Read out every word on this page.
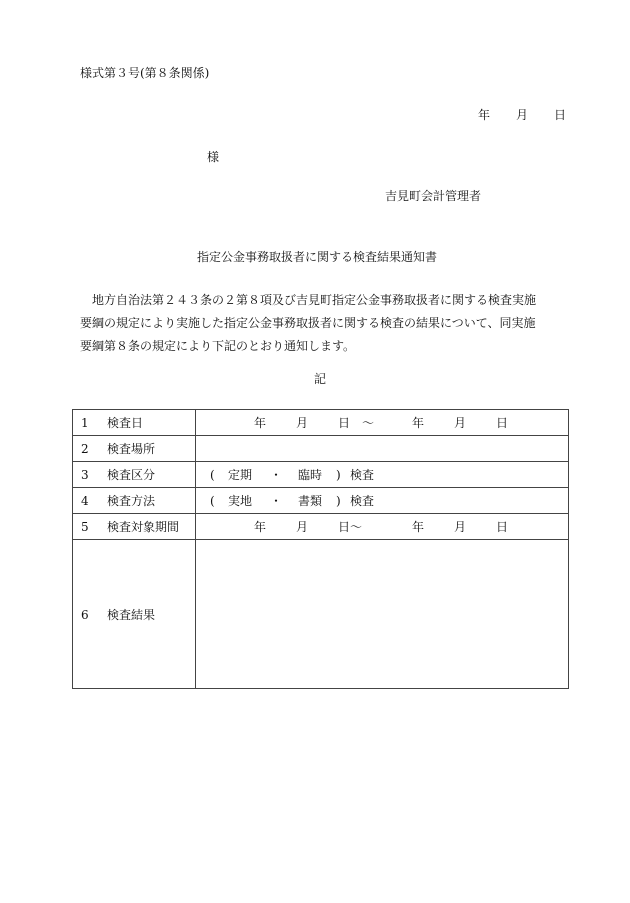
様式第３号(第８条関係)
年 月 日
様
吉見町会計管理者
指定公金事務取扱者に関する検査結果通知書

地方自治法第２４３条の２第８項及び吉見町指定公金事務取扱者に関する検査実施

要綱の規定により実施した指定公金事務取扱者に関する検査の結果について、同実施

要綱第８条の規定により下記のとおり通知します。

記
1 検査日	年 月 日 ～ 年 月 日
2 検査場所	
3 検査区分	( 定期 ・ 臨時 ) 検査
4 検査方法	( 実地 ・ 書類 ) 検査
5 検査対象期間	年 月 日～ 年 月 日
6 検査結果	
